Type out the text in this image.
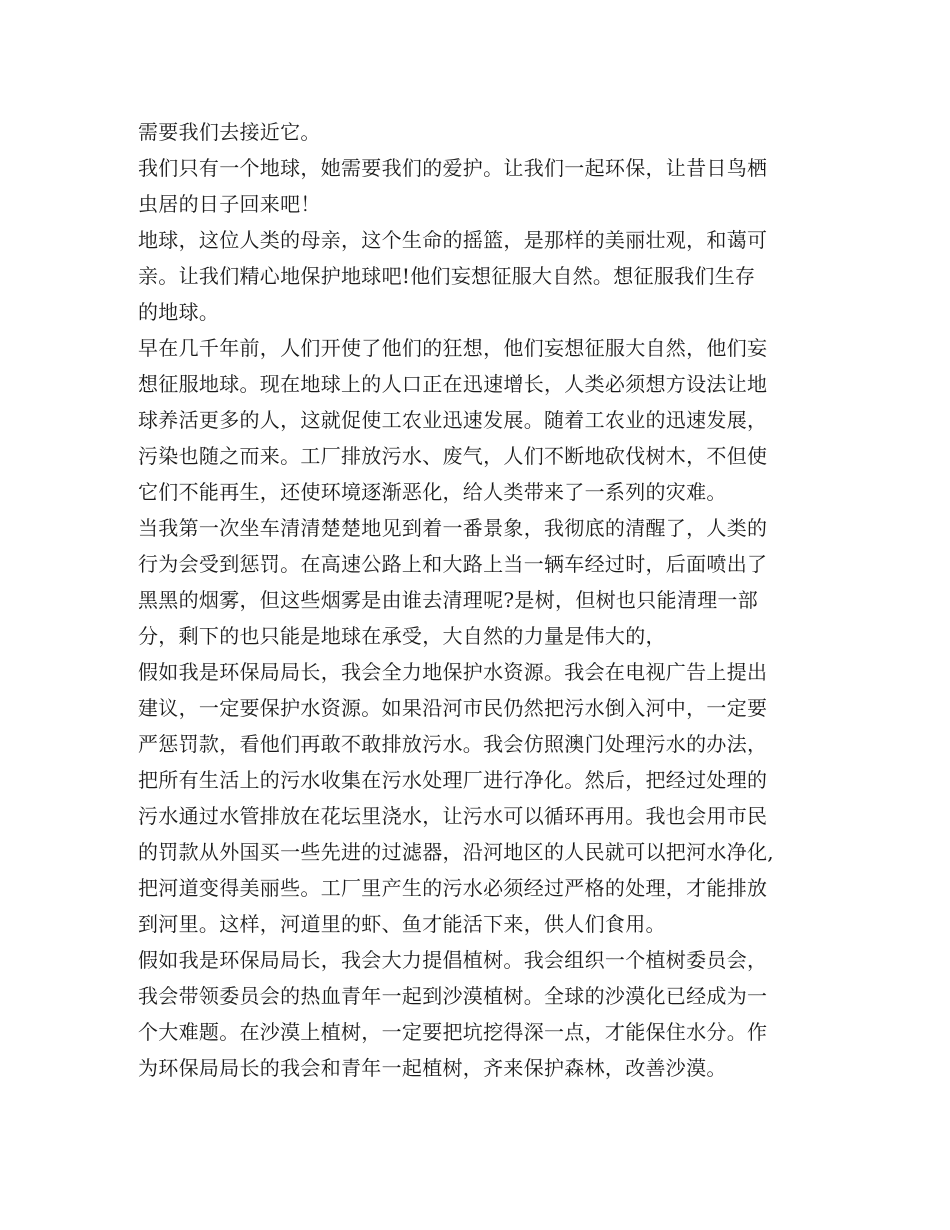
需要我们去接近它。
我们只有一个地球，她需要我们的爱护。让我们一起环保，让昔日鸟栖
虫居的日子回来吧！
地球，这位人类的母亲，这个生命的摇篮，是那样的美丽壮观，和蔼可
亲。让我们精心地保护地球吧!他们妄想征服大自然。想征服我们生存
的地球。
早在几千年前，人们开使了他们的狂想，他们妄想征服大自然，他们妄
想征服地球。现在地球上的人口正在迅速增长，人类必须想方设法让地
球养活更多的人，这就促使工农业迅速发展。随着工农业的迅速发展，
污染也随之而来。工厂排放污水、废气，人们不断地砍伐树木，不但使
它们不能再生，还使环境逐渐恶化，给人类带来了一系列的灾难。
当我第一次坐车清清楚楚地见到着一番景象，我彻底的清醒了，人类的
行为会受到惩罚。在高速公路上和大路上当一辆车经过时，后面喷出了
黑黑的烟雾，但这些烟雾是由谁去清理呢?是树，但树也只能清理一部
分，剩下的也只能是地球在承受，大自然的力量是伟大的，
假如我是环保局局长，我会全力地保护水资源。我会在电视广告上提出
建议，一定要保护水资源。如果沿河市民仍然把污水倒入河中，一定要
严惩罚款，看他们再敢不敢排放污水。我会仿照澳门处理污水的办法，
把所有生活上的污水收集在污水处理厂进行净化。然后，把经过处理的
污水通过水管排放在花坛里浇水，让污水可以循环再用。我也会用市民
的罚款从外国买一些先进的过滤器，沿河地区的人民就可以把河水净化,
把河道变得美丽些。工厂里产生的污水必须经过严格的处理，才能排放
到河里。这样，河道里的虾、鱼才能活下来，供人们食用。
假如我是环保局局长，我会大力提倡植树。我会组织一个植树委员会，
我会带领委员会的热血青年一起到沙漠植树。全球的沙漠化已经成为一
个大难题。在沙漠上植树，一定要把坑挖得深一点，才能保住水分。作
为环保局局长的我会和青年一起植树，齐来保护森林，改善沙漠。
